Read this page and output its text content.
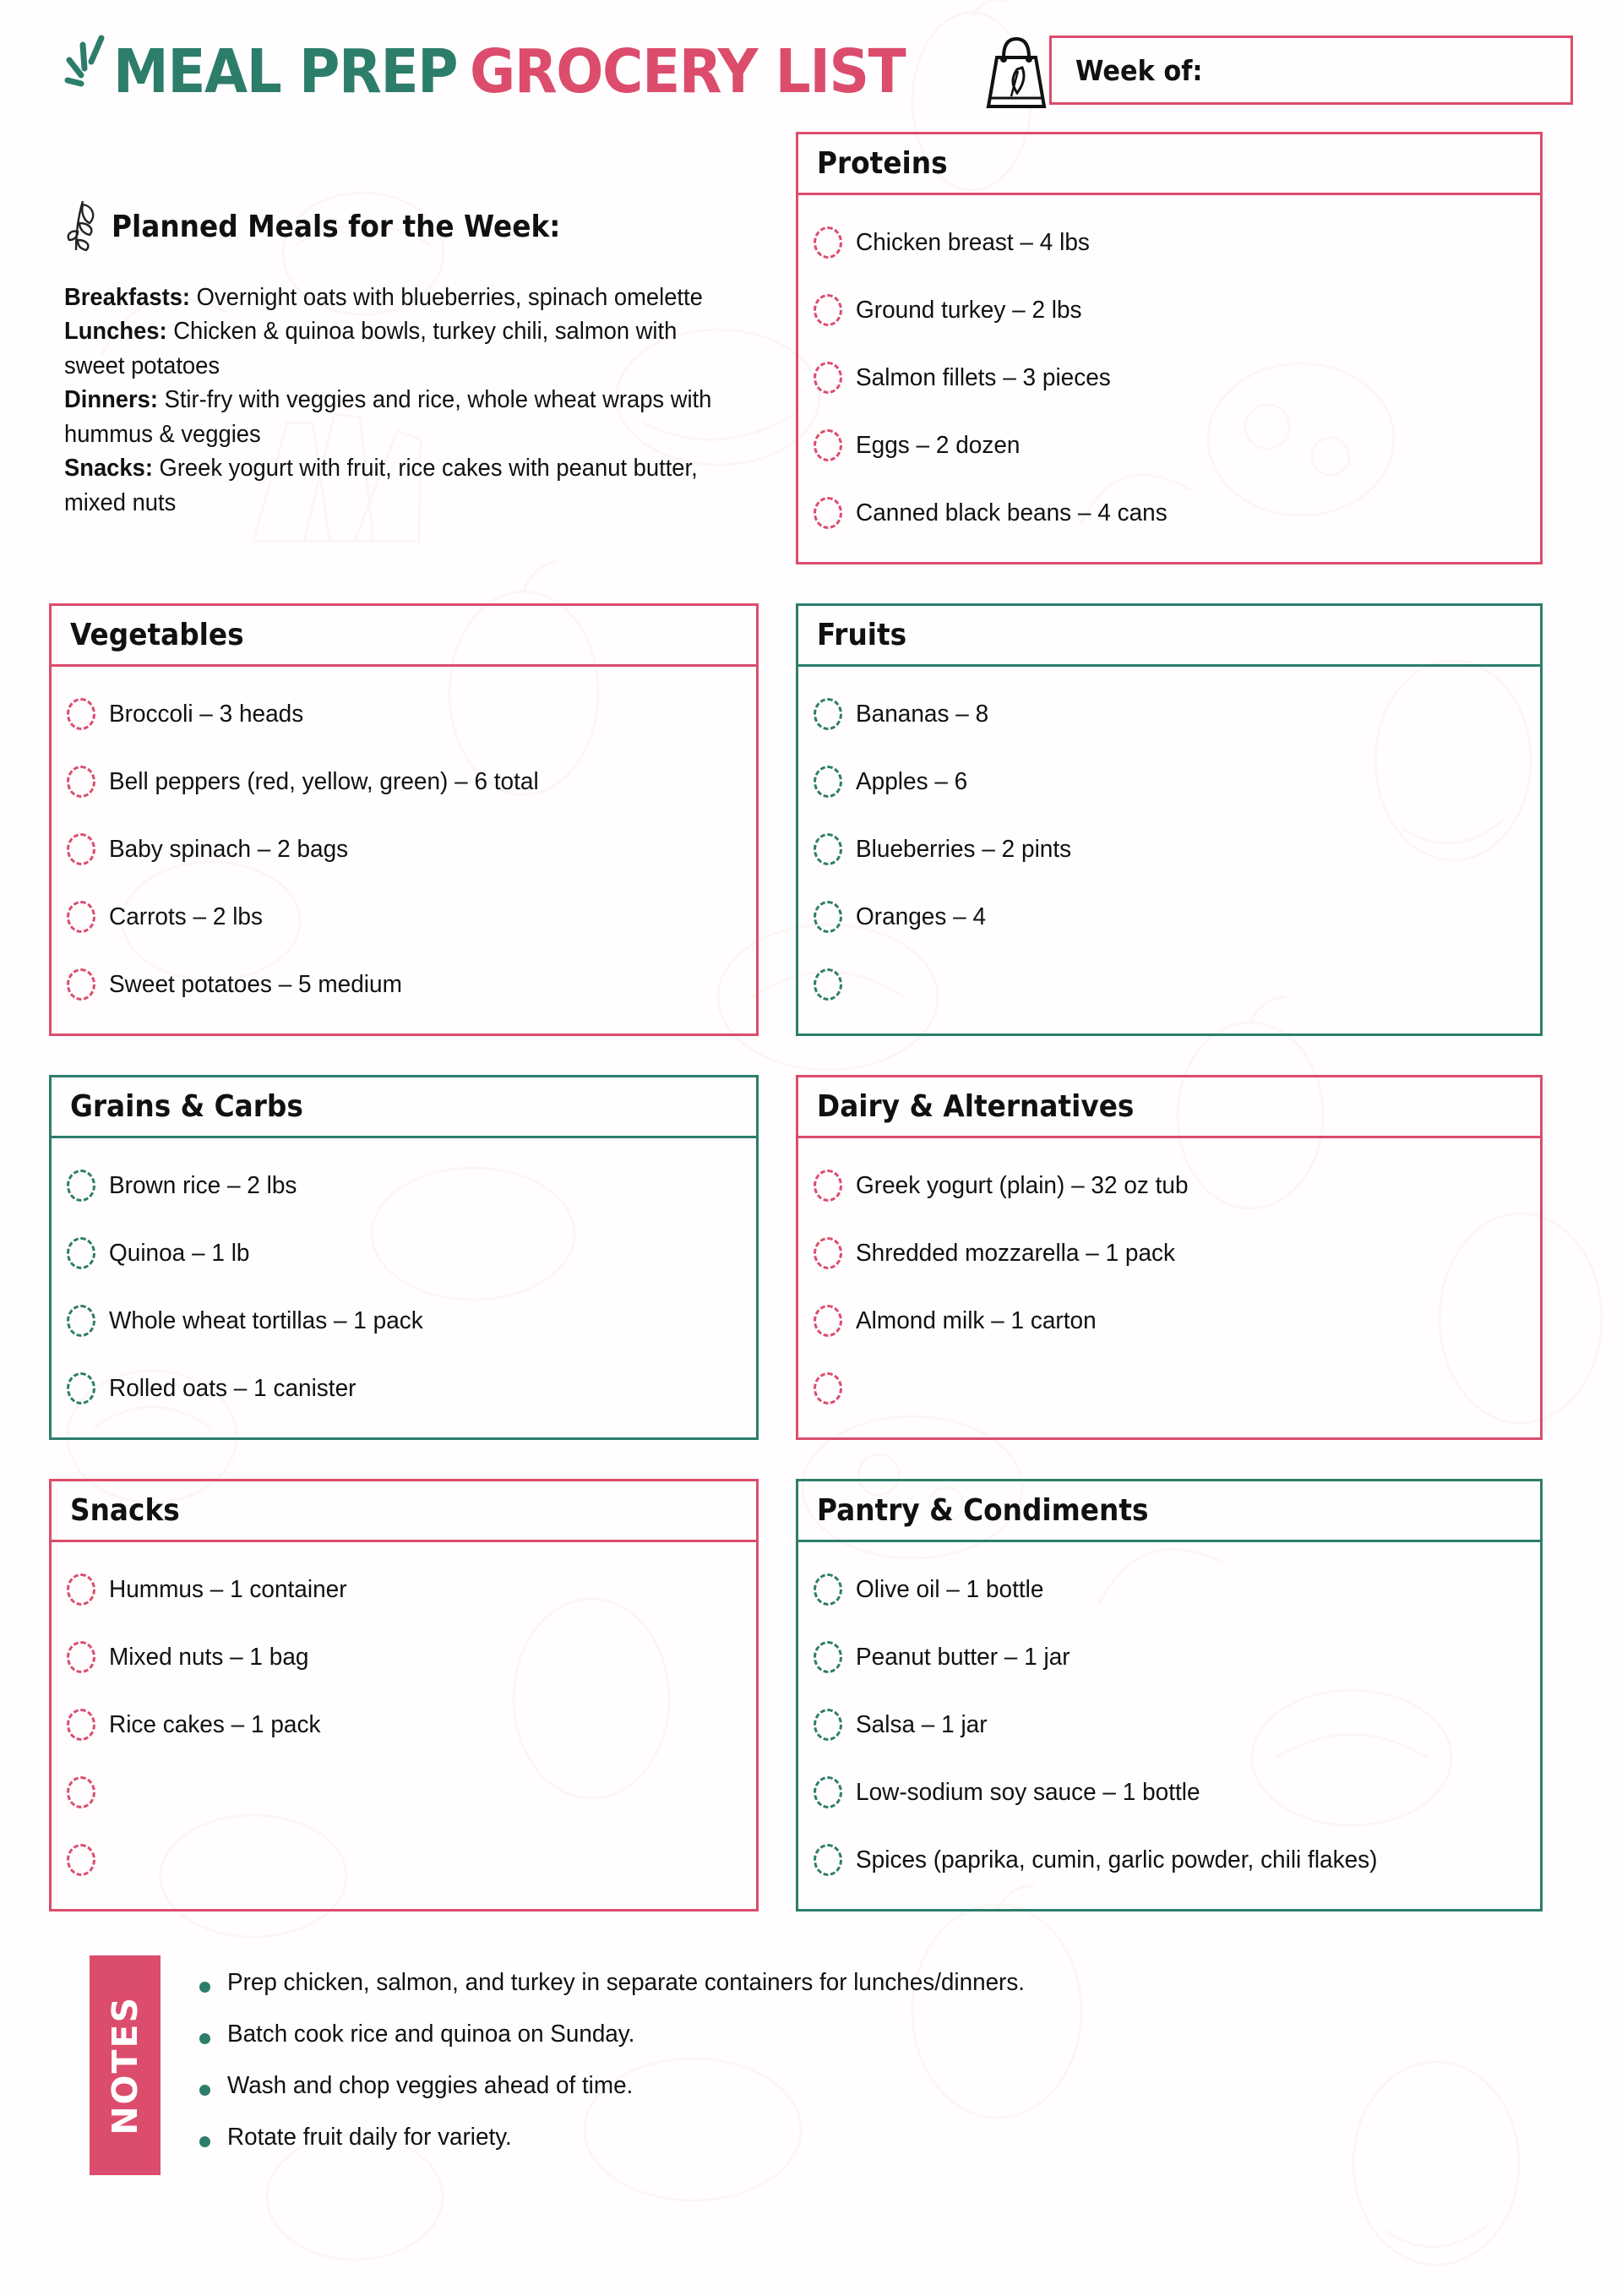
MEAL PREP GROCERY LIST	Week of:
Planned Meals for the Week:
Breakfasts: Overnight oats with blueberries, spinach omelette
Lunches: Chicken & quinoa bowls, turkey chili, salmon with sweet potatoes
Dinners: Stir-fry with veggies and rice, whole wheat wraps with hummus & veggies
Snacks: Greek yogurt with fruit, rice cakes with peanut butter, mixed nuts
Proteins
Chicken breast – 4 lbs
Ground turkey – 2 lbs
Salmon fillets – 3 pieces
Eggs – 2 dozen
Canned black beans – 4 cans
Vegetables
Broccoli – 3 heads
Bell peppers (red, yellow, green) – 6 total
Baby spinach – 2 bags
Carrots – 2 lbs
Sweet potatoes – 5 medium
Fruits
Bananas – 8
Apples – 6
Blueberries – 2 pints
Oranges – 4
Grains & Carbs
Brown rice – 2 lbs
Quinoa – 1 lb
Whole wheat tortillas – 1 pack
Rolled oats – 1 canister
Dairy & Alternatives
Greek yogurt (plain) – 32 oz tub
Shredded mozzarella – 1 pack
Almond milk – 1 carton
Snacks
Hummus – 1 container
Mixed nuts – 1 bag
Rice cakes – 1 pack
Pantry & Condiments
Olive oil – 1 bottle
Peanut butter – 1 jar
Salsa – 1 jar
Low-sodium soy sauce – 1 bottle
Spices (paprika, cumin, garlic powder, chili flakes)
NOTES
Prep chicken, salmon, and turkey in separate containers for lunches/dinners.
Batch cook rice and quinoa on Sunday.
Wash and chop veggies ahead of time.
Rotate fruit daily for variety.
